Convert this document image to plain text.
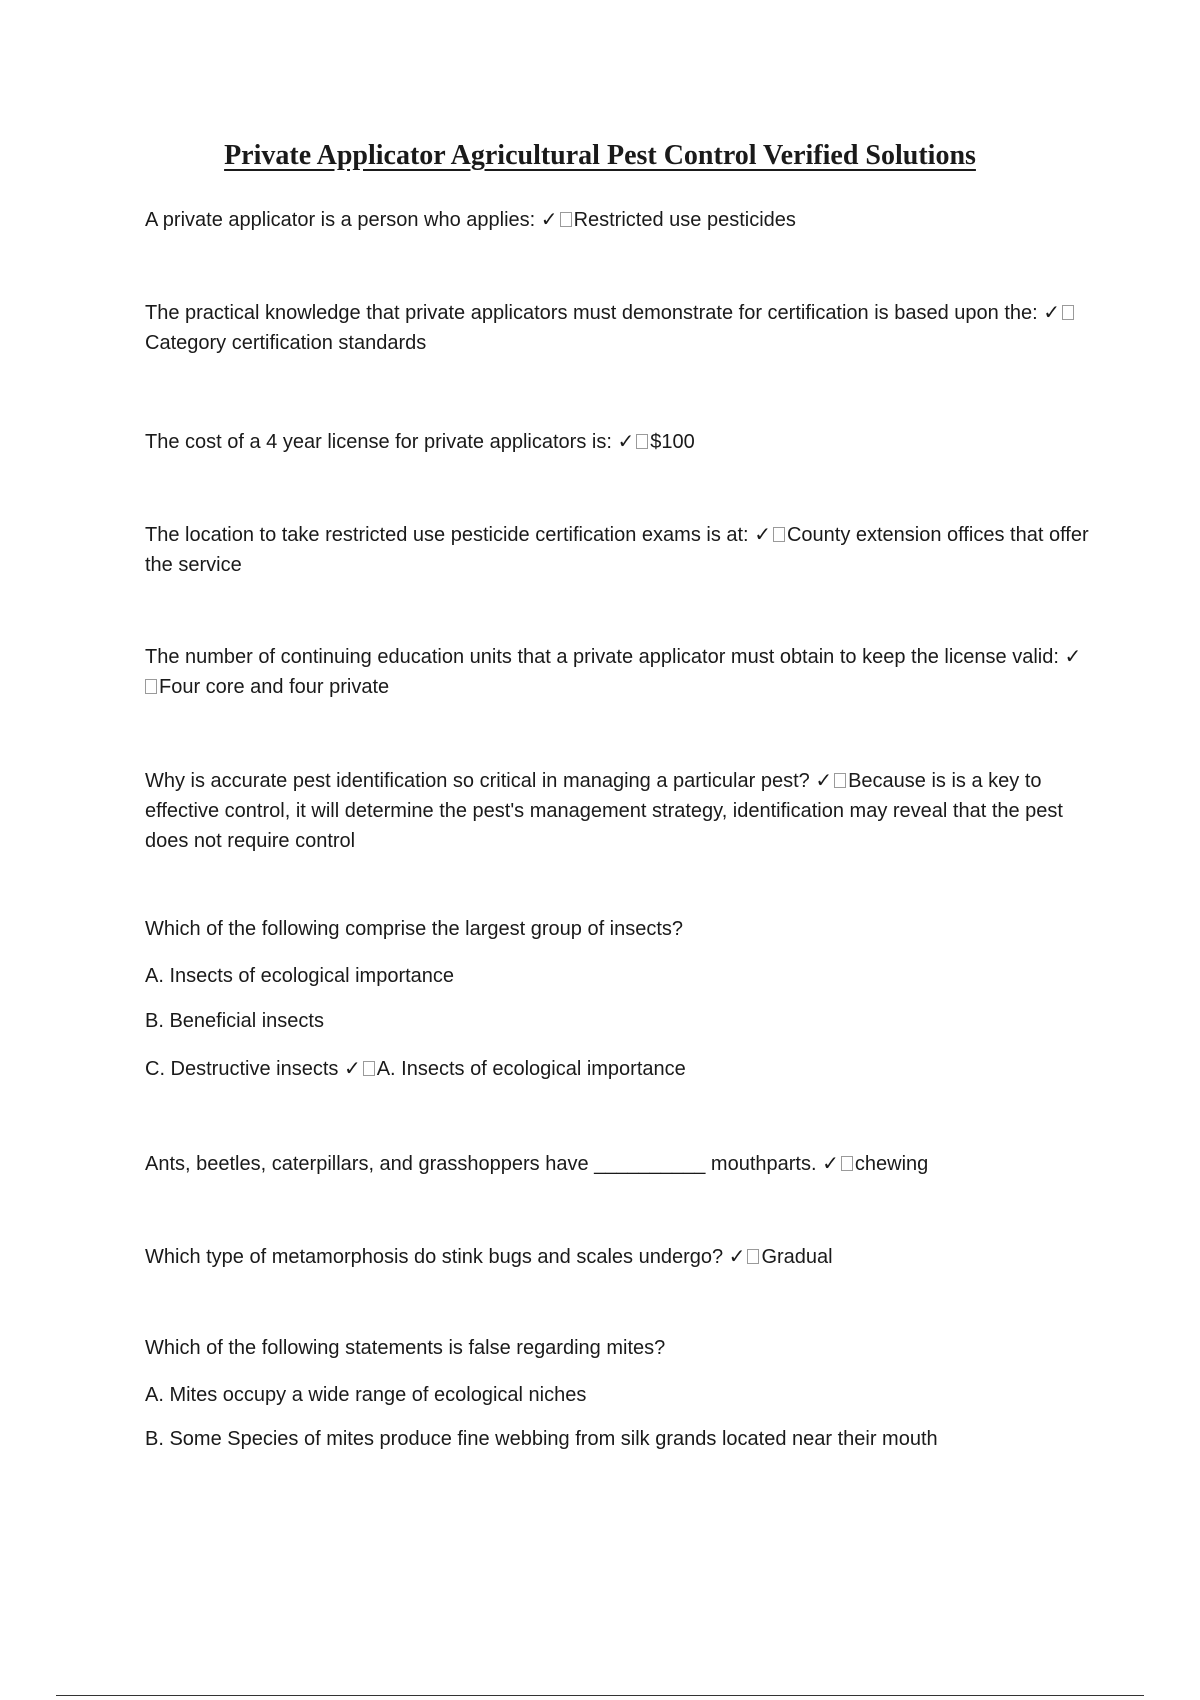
Private Applicator Agricultural Pest Control Verified Solutions

A private applicator is a person who applies: ✓ Restricted use pesticides

The practical knowledge that private applicators must demonstrate for certification is based upon the: ✓ Category certification standards

The cost of a 4 year license for private applicators is: ✓ $100

The location to take restricted use pesticide certification exams is at: ✓ County extension offices that offer the service

The number of continuing education units that a private applicator must obtain to keep the license valid: ✓ Four core and four private

Why is accurate pest identification so critical in managing a particular pest? ✓ Because is is a key to effective control, it will determine the pest's management strategy, identification may reveal that the pest does not require control

Which of the following comprise the largest group of insects?

A. Insects of ecological importance

B. Beneficial insects

C. Destructive insects ✓ A. Insects of ecological importance

Ants, beetles, caterpillars, and grasshoppers have __________ mouthparts. ✓ chewing

Which type of metamorphosis do stink bugs and scales undergo? ✓ Gradual

Which of the following statements is false regarding mites?

A. Mites occupy a wide range of ecological niches

B. Some Species of mites produce fine webbing from silk grands located near their mouth
